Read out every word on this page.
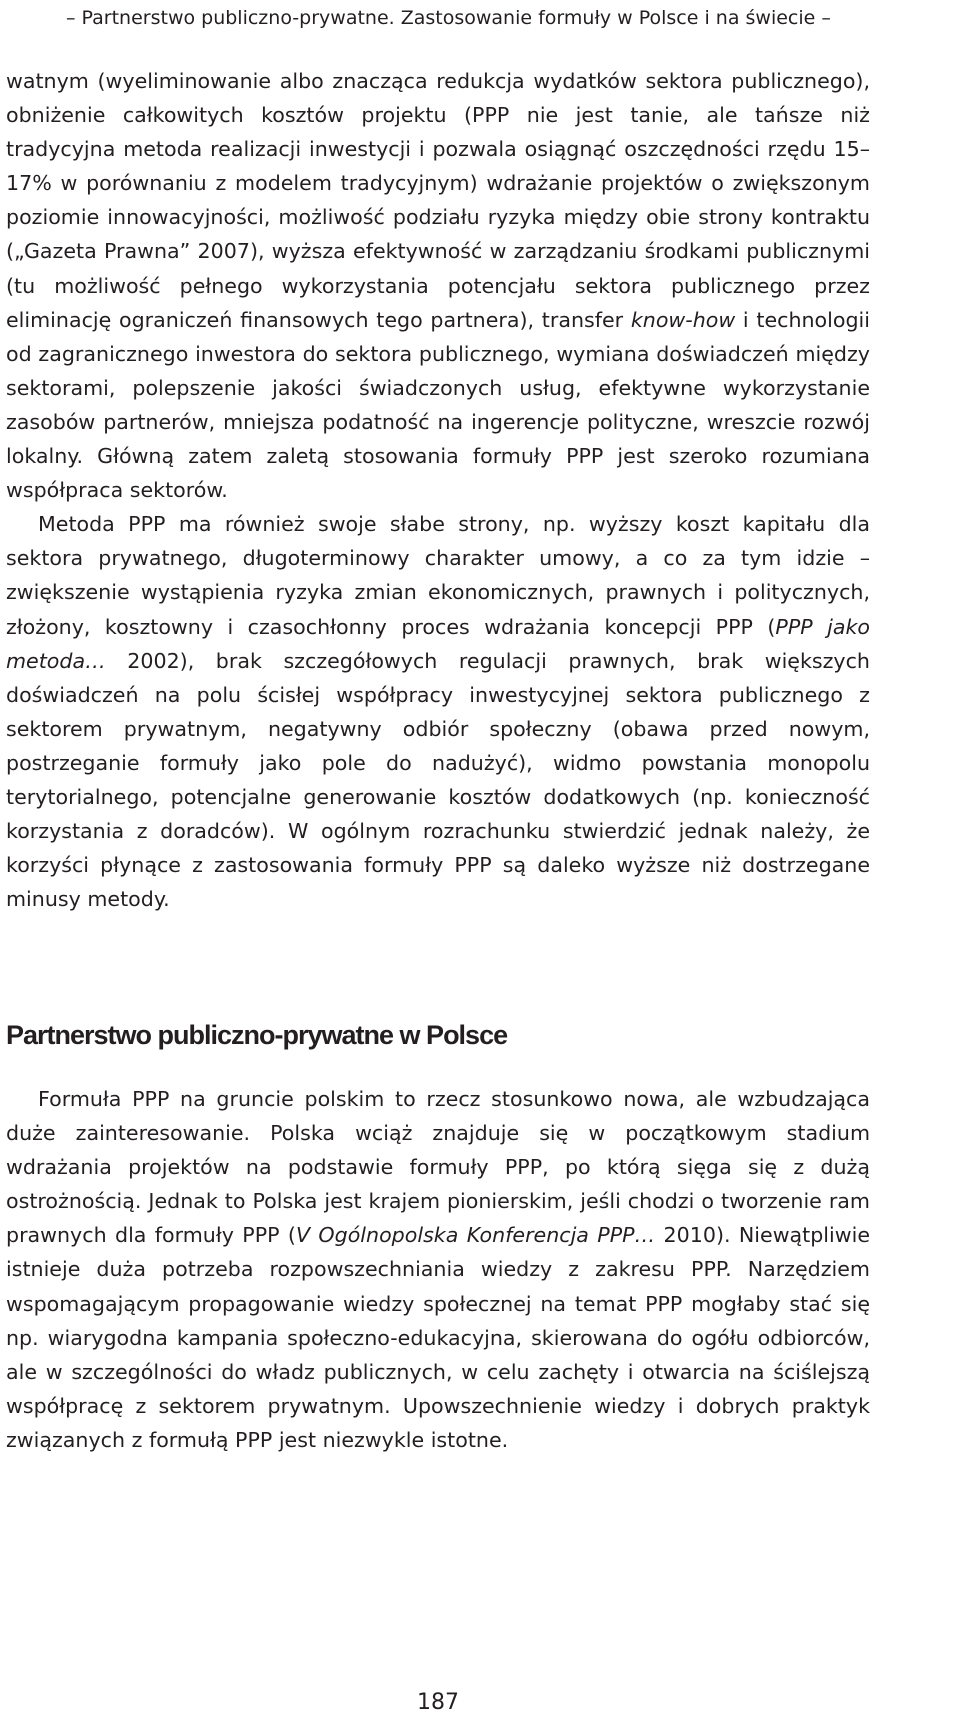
– Partnerstwo publiczno-prywatne. Zastosowanie formuły w Polsce i na świecie –

watnym (wyeliminowanie albo znacząca redukcja wydatków sektora publicznego), obniżenie całkowitych kosztów projektu (PPP nie jest tanie, ale tańsze niż tradycyjna metoda realizacji inwestycji i pozwala osiągnąć oszczędności rzędu 15–17% w porównaniu z modelem tradycyjnym) wdrażanie projektów o zwiększonym poziomie innowacyjności, możliwość podziału ryzyka między obie strony kontraktu („Gazeta Prawna” 2007), wyższa efektywność w zarządzaniu środkami publicznymi (tu możliwość pełnego wykorzystania potencjału sektora publicznego przez eliminację ograniczeń finansowych tego partnera), transfer know-how i technologii od zagranicznego inwestora do sektora publicznego, wymiana doświadczeń między sektorami, polepszenie jakości świadczonych usług, efektywne wykorzystanie zasobów partnerów, mniejsza podatność na ingerencje polityczne, wreszcie rozwój lokalny. Główną zatem zaletą stosowania formuły PPP jest szeroko rozumiana współpraca sektorów.

Metoda PPP ma również swoje słabe strony, np. wyższy koszt kapitału dla sektora prywatnego, długoterminowy charakter umowy, a co za tym idzie – zwiększenie wystąpienia ryzyka zmian ekonomicznych, prawnych i politycznych, złożony, kosztowny i czasochłonny proces wdrażania koncepcji PPP (PPP jako metoda… 2002), brak szczegółowych regulacji prawnych, brak większych doświadczeń na polu ścisłej współpracy inwestycyjnej sektora publicznego z sektorem prywatnym, negatywny odbiór społeczny (obawa przed nowym, postrzeganie formuły jako pole do nadużyć), widmo powstania monopolu terytorialnego, potencjalne generowanie kosztów dodatkowych (np. konieczność korzystania z doradców). W ogólnym rozrachunku stwierdzić jednak należy, że korzyści płynące z zastosowania formuły PPP są daleko wyższe niż dostrzegane minusy metody.

Partnerstwo publiczno-prywatne w Polsce

Formuła PPP na gruncie polskim to rzecz stosunkowo nowa, ale wzbudzająca duże zainteresowanie. Polska wciąż znajduje się w początkowym stadium wdrażania projektów na podstawie formuły PPP, po którą sięga się z dużą ostrożnością. Jednak to Polska jest krajem pionierskim, jeśli chodzi o tworzenie ram prawnych dla formuły PPP (V Ogólnopolska Konferencja PPP… 2010). Niewątpliwie istnieje duża potrzeba rozpowszechniania wiedzy z zakresu PPP. Narzędziem wspomagającym propagowanie wiedzy społecznej na temat PPP mogłaby stać się np. wiarygodna kampania społeczno-edukacyjna, skierowana do ogółu odbiorców, ale w szczególności do władz publicznych, w celu zachęty i otwarcia na ściślejszą współpracę z sektorem prywatnym. Upowszechnienie wiedzy i dobrych praktyk związanych z formułą PPP jest niezwykle istotne.

187
